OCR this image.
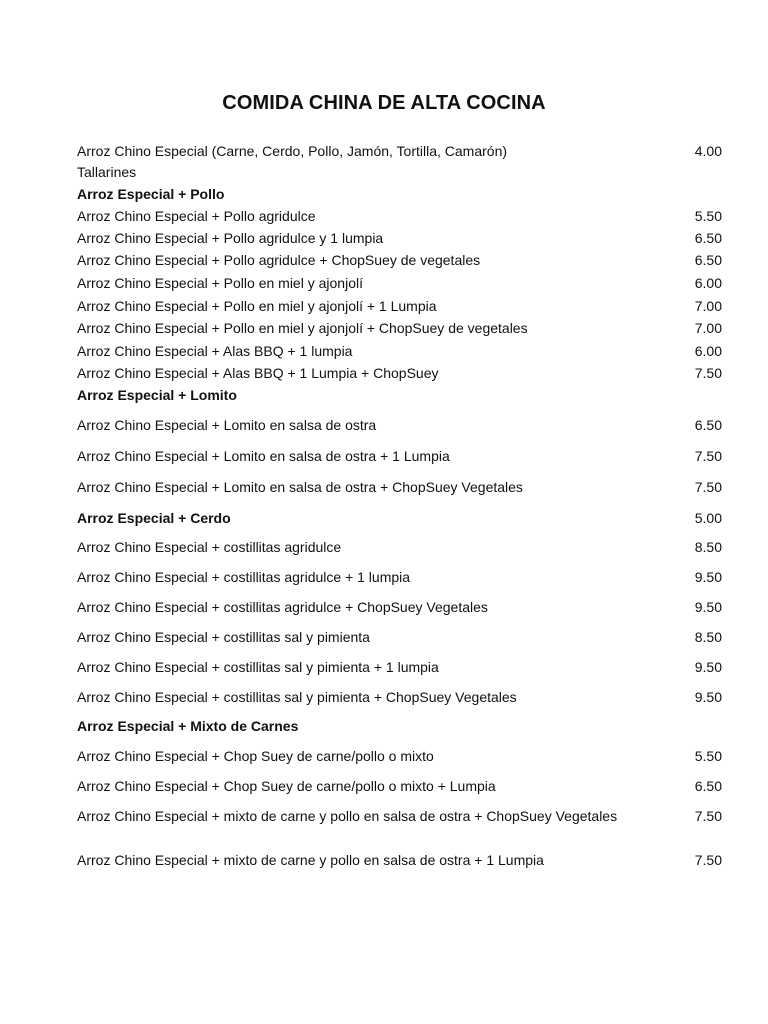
COMIDA CHINA DE ALTA COCINA
Arroz Chino Especial (Carne, Cerdo, Pollo, Jamón, Tortilla, Camarón)	4.00
Tallarines
Arroz Especial + Pollo
Arroz Chino Especial + Pollo agridulce	5.50
Arroz Chino Especial + Pollo agridulce y 1 lumpia	6.50
Arroz Chino Especial + Pollo agridulce + ChopSuey de vegetales	6.50
Arroz Chino Especial + Pollo en miel y ajonjolí	6.00
Arroz Chino Especial + Pollo en miel y ajonjolí + 1 Lumpia	7.00
Arroz Chino Especial + Pollo en miel y ajonjolí + ChopSuey de vegetales	7.00
Arroz Chino Especial + Alas BBQ + 1 lumpia	6.00
Arroz Chino Especial + Alas BBQ + 1 Lumpia + ChopSuey	7.50
Arroz Especial + Lomito
Arroz Chino Especial + Lomito en salsa de ostra	6.50
Arroz Chino Especial + Lomito en salsa de ostra + 1 Lumpia	7.50
Arroz Chino Especial + Lomito en salsa de ostra + ChopSuey Vegetales	7.50
Arroz Especial + Cerdo	5.00
Arroz Chino Especial + costillitas agridulce	8.50
Arroz Chino Especial + costillitas agridulce + 1 lumpia	9.50
Arroz Chino Especial + costillitas agridulce + ChopSuey Vegetales	9.50
Arroz Chino Especial + costillitas sal y pimienta	8.50
Arroz Chino Especial + costillitas sal y pimienta + 1 lumpia	9.50
Arroz Chino Especial + costillitas sal y pimienta + ChopSuey Vegetales	9.50
Arroz Especial + Mixto de Carnes
Arroz Chino Especial + Chop Suey de carne/pollo o mixto	5.50
Arroz Chino Especial + Chop Suey de carne/pollo o mixto + Lumpia	6.50
Arroz Chino Especial + mixto de carne y pollo en salsa de ostra + ChopSuey Vegetales	7.50
Arroz Chino Especial + mixto de carne y pollo en salsa de ostra + 1 Lumpia	7.50
